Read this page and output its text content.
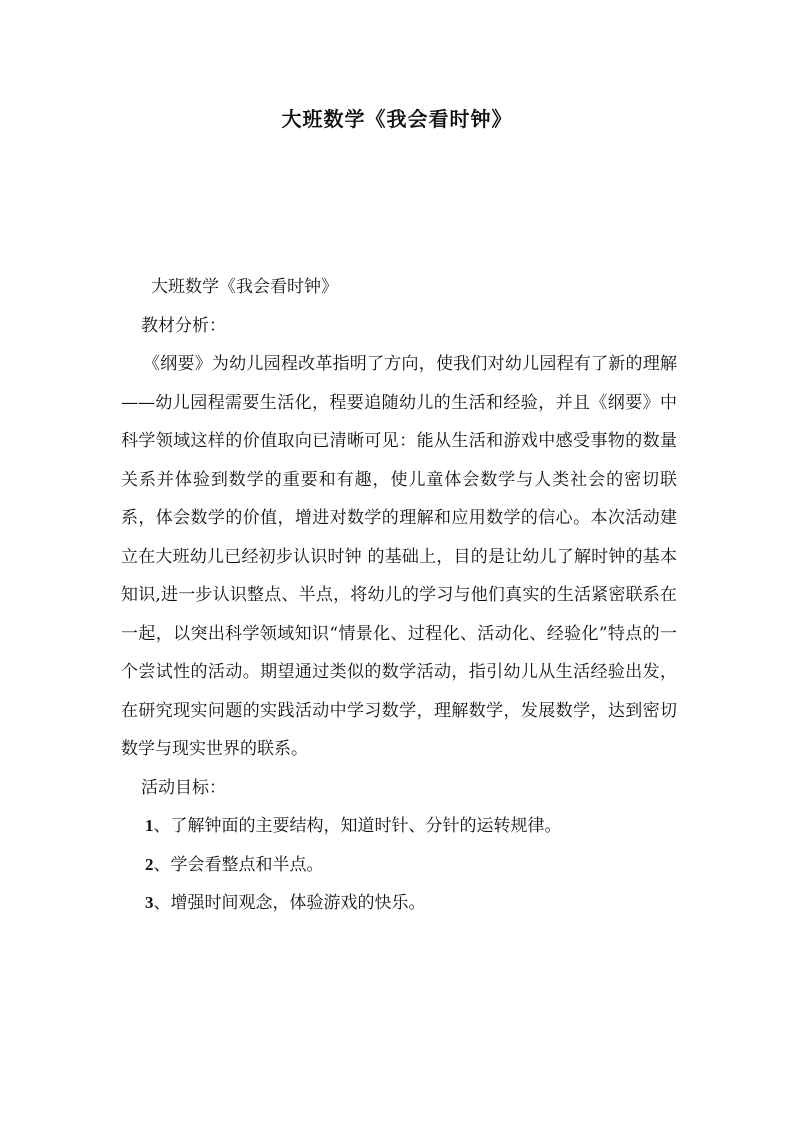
大班数学《我会看时钟》
大班数学《我会看时钟》
教材分析：

《纲要》为幼儿园程改革指明了方向，使我们对幼儿园程有了新的理解——幼儿园程需要生活化，程要追随幼儿的生活和经验，并且《纲要》中科学领域这样的价值取向已清晰可见：能从生活和游戏中感受事物的数量关系并体验到数学的重要和有趣，使儿童体会数学与人类社会的密切联系，体会数学的价值，增进对数学的理解和应用数学的信心。本次活动建立在大班幼儿已经初步认识时钟 的基础上，目的是让幼儿了解时钟的基本知识,进一步认识整点、半点，将幼儿的学习与他们真实的生活紧密联系在一起，以突出科学领域知识“情景化、过程化、活动化、经验化”特点的一个尝试性的活动。期望通过类似的数学活动，指引幼儿从生活经验出发，在研究现实问题的实践活动中学习数学，理解数学，发展数学，达到密切数学与现实世界的联系。

活动目标：
1、了解钟面的主要结构，知道时针、分针的运转规律。
2、学会看整点和半点。
3、增强时间观念，体验游戏的快乐。
